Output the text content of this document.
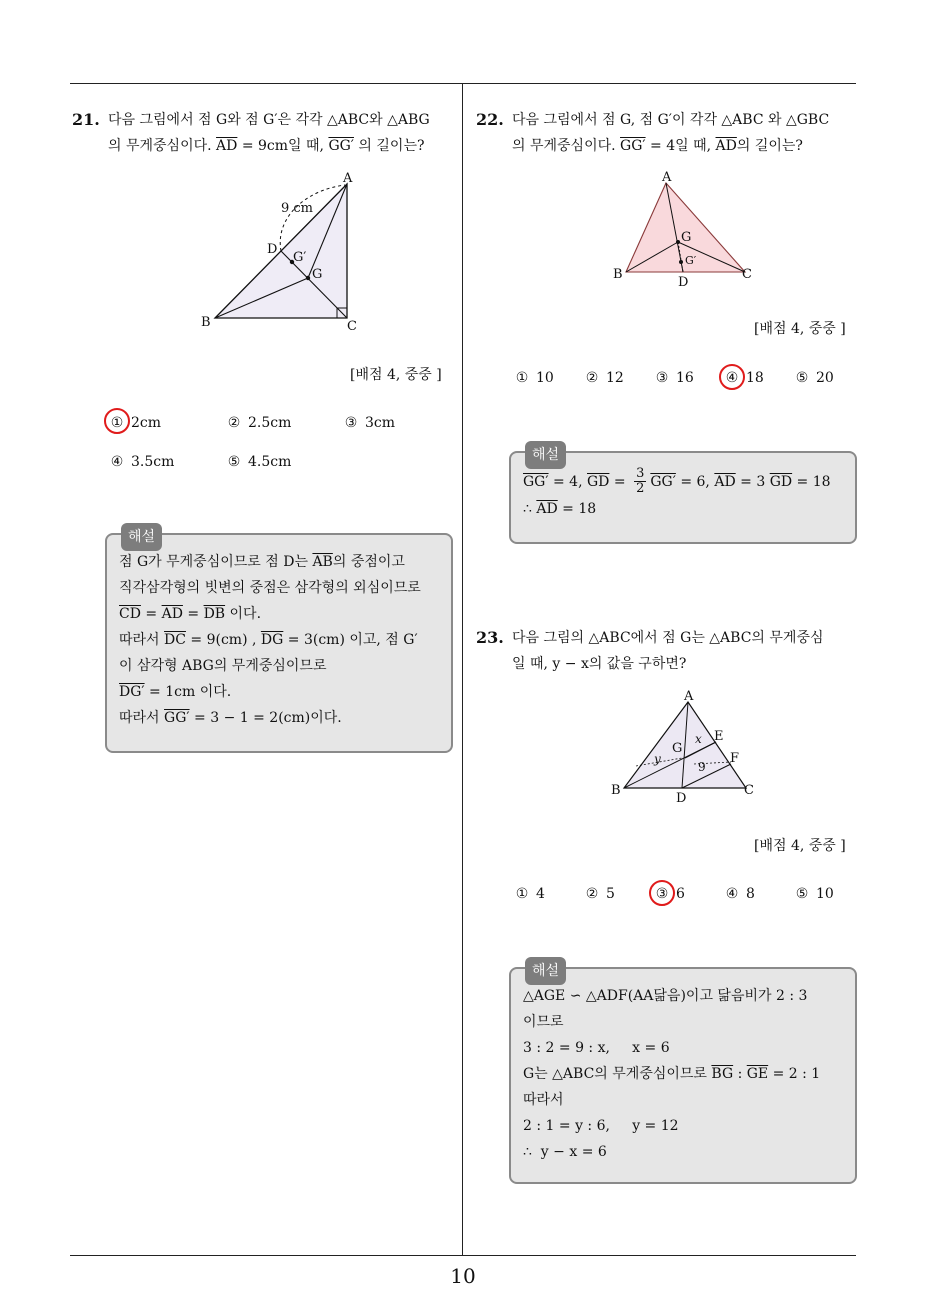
21. 다음 그림에서 점 G와 점 G′은 각각 △ABC와 △ABG
의 무게중심이다. $\overline{AD} = 9cm$일 때, GG′ 의 길이는?
A
B	C
D
G
G′
9 cm
[배점 4, 중중 ]
① 2cm	② 2.5cm	③ 3cm
④ 3.5cm	⑤ 4.5cm
해설
점 G가 무게중심이므로 점 D는 $\overline{AB}$의 중점이고
직각삼각형의 빗변의 중점은 삼각형의 외심이므로
$\overline{CD} = \overline{AD} = \overline{DB}$ 이다.
따라서 $\overline{DC} = 9(cm)$ , $\overline{DG} = 3(cm)$ 이고, 점 G′
이 삼각형 ABG의 무게중심이므로
DG′ = 1cm 이다.
따라서 GG′ = 3 − 1 = 2(cm)이다.
22. 다음 그림에서 점 G, 점 G′이 각각 △ABC 와 △GBC
의 무게중심이다. GG′ = 4일 때, $\overline{AD}$의 길이는?
A
B	C
D
G
G′
[배점 4, 중중 ]
① 10 ② 12 ③ 16 ④ 18 ⑤ 20
해설
GG′ = 4, $\overline{GD} = \frac{3}{2} GG' = 6$, $\overline{AD} = 3$ $\overline{GD} = 18$
∴ $\overline{AD} = 18$
23. 다음 그림의 △ABC에서 점 G는 △ABC의 무게중심
일 때, y − x의 값을 구하면?
A
B	C
D
E
F
G
x
y
9
[배점 4, 중중 ]
① 4	② 5	③ 6	④ 8	⑤ 10
해설
△AGE ∽ △ADF(AA닮음)이고 닮음비가 2 : 3
이므로
3 : 2 = 9 : x,     x = 6
G는 △ABC의 무게중심이므로 $\overline{BG}$ : $\overline{GE} = 2$ : 1
따라서
2 : 1 = y : 6,     y = 12
∴  y − x = 6
10
